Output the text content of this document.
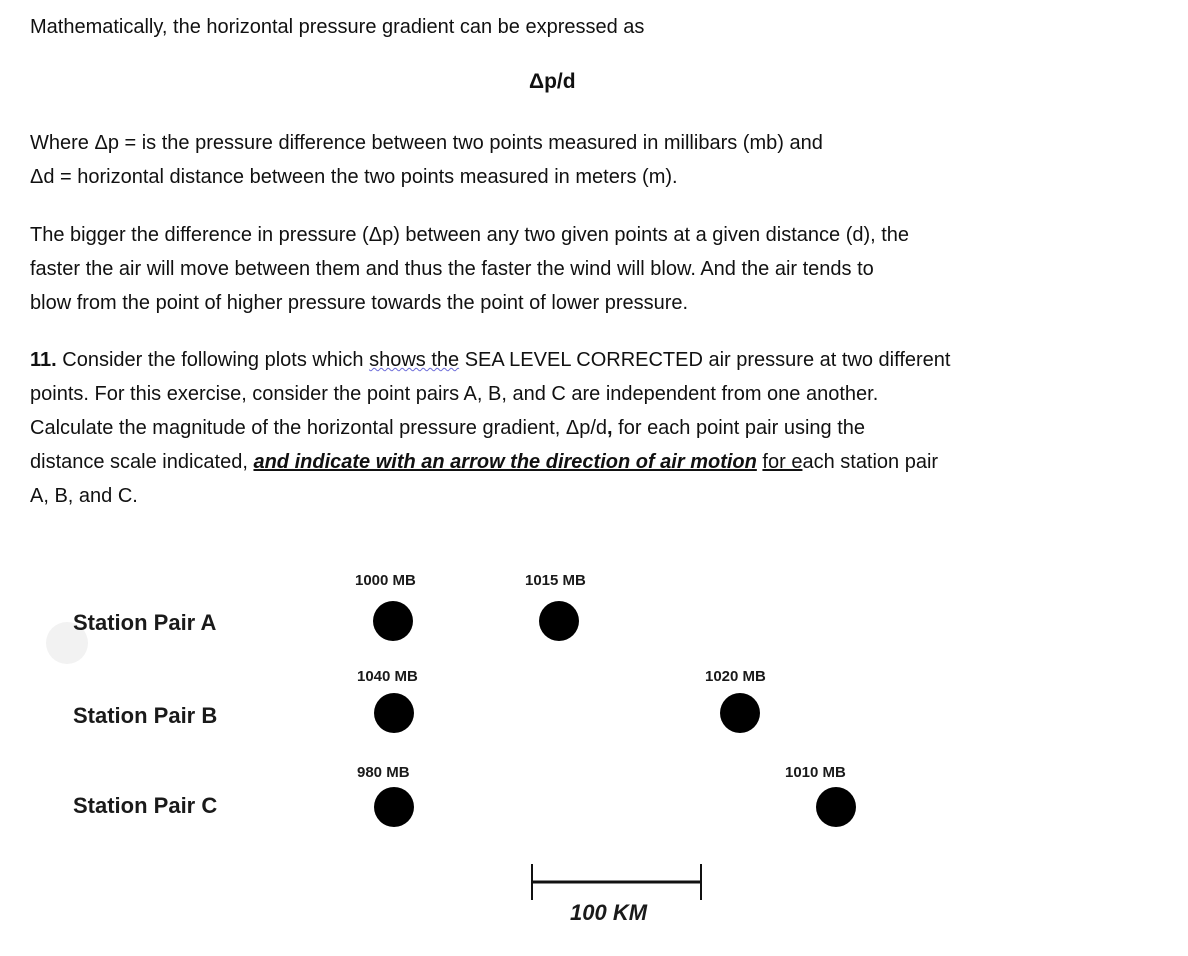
Mathematically, the horizontal pressure gradient can be expressed as

Δp/d

Where Δp = is the pressure difference between two points measured in millibars (mb) and

Δd = horizontal distance between the two points measured in meters (m).

The bigger the difference in pressure (Δp) between any two given points at a given distance (d), the

faster the air will move between them and thus the faster the wind will blow. And the air tends to

blow from the point of higher pressure towards the point of lower pressure.

11. Consider the following plots which shows the SEA LEVEL CORRECTED air pressure at two different

points. For this exercise, consider the point pairs A, B, and C are independent from one another.

Calculate the magnitude of the horizontal pressure gradient, Δp/d, for each point pair using the

distance scale indicated, and indicate with an arrow the direction of air motion for each station pair

A, B, and C.

Station Pair A
1000 MB	1015 MB
Station Pair B
1040 MB	1020 MB
Station Pair C
980 MB	1010 MB
100 KM
